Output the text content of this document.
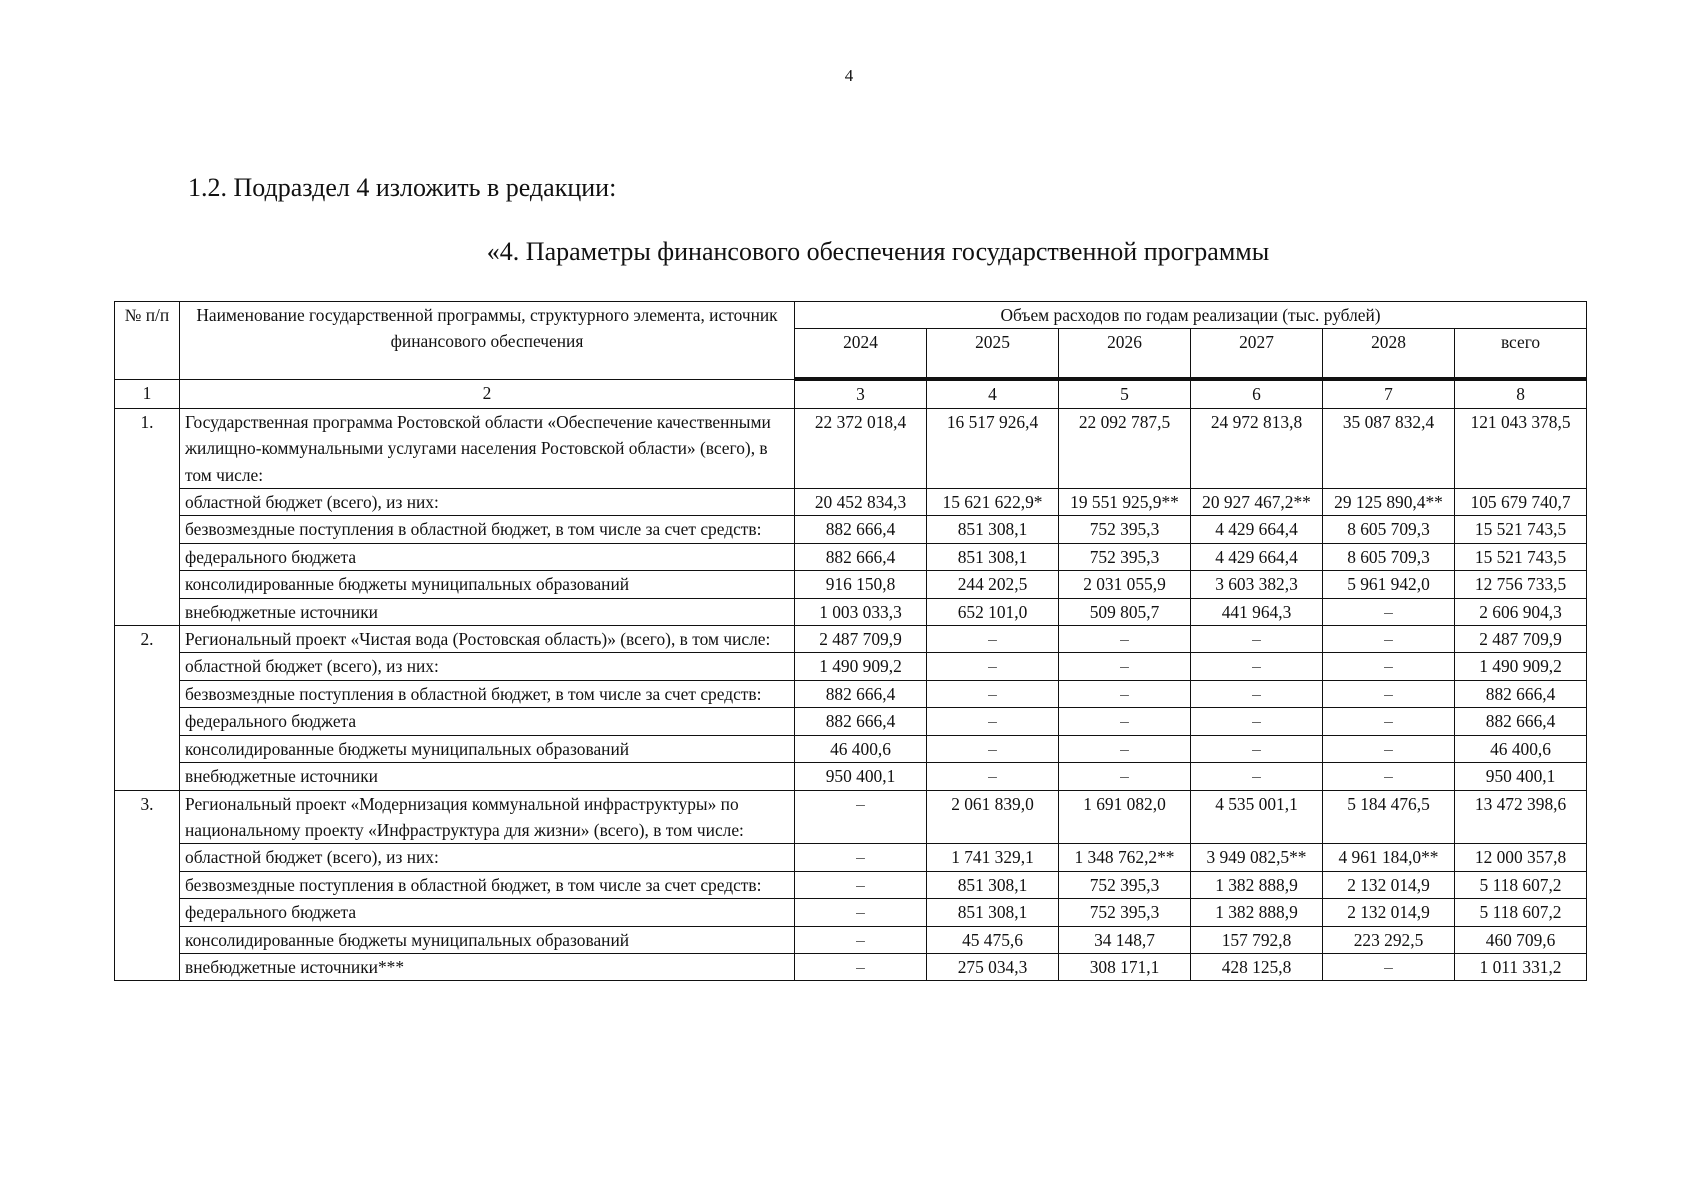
4
1.2. Подраздел 4 изложить в редакции:
«4. Параметры финансового обеспечения государственной программы
№ п/п	Наименование государственной программы, структурного элемента, источник финансового обеспечения	Объем расходов по годам реализации (тыс. рублей)					
		2024	2025	2026	2027	2028	всего
1	2	3	4	5	6	7	8
1.	Государственная программа Ростовской области «Обеспечение качественными жилищно-коммунальными услугами населения Ростовской области» (всего), в том числе:	22 372 018,4	16 517 926,4	22 092 787,5	24 972 813,8	35 087 832,4	121 043 378,5
	областной бюджет (всего), из них:	20 452 834,3	15 621 622,9*	19 551 925,9**	20 927 467,2**	29 125 890,4**	105 679 740,7
	безвозмездные поступления в областной бюджет, в том числе за счет средств:	882 666,4	851 308,1	752 395,3	4 429 664,4	8 605 709,3	15 521 743,5
	федерального бюджета	882 666,4	851 308,1	752 395,3	4 429 664,4	8 605 709,3	15 521 743,5
	консолидированные бюджеты муниципальных образований	916 150,8	244 202,5	2 031 055,9	3 603 382,3	5 961 942,0	12 756 733,5
	внебюджетные источники	1 003 033,3	652 101,0	509 805,7	441 964,3	–	2 606 904,3
2.	Региональный проект «Чистая вода (Ростовская область)» (всего), в том числе:	2 487 709,9	–	–	–	–	2 487 709,9
	областной бюджет (всего), из них:	1 490 909,2	–	–	–	–	1 490 909,2
	безвозмездные поступления в областной бюджет, в том числе за счет средств:	882 666,4	–	–	–	–	882 666,4
	федерального бюджета	882 666,4	–	–	–	–	882 666,4
	консолидированные бюджеты муниципальных образований	46 400,6	–	–	–	–	46 400,6
	внебюджетные источники	950 400,1	–	–	–	–	950 400,1
3.	Региональный проект «Модернизация коммунальной инфраструктуры» по национальному проекту «Инфраструктура для жизни» (всего), в том числе:	–	2 061 839,0	1 691 082,0	4 535 001,1	5 184 476,5	13 472 398,6
	областной бюджет (всего), из них:	–	1 741 329,1	1 348 762,2**	3 949 082,5**	4 961 184,0**	12 000 357,8
	безвозмездные поступления в областной бюджет, в том числе за счет средств:	–	851 308,1	752 395,3	1 382 888,9	2 132 014,9	5 118 607,2
	федерального бюджета	–	851 308,1	752 395,3	1 382 888,9	2 132 014,9	5 118 607,2
	консолидированные бюджеты муниципальных образований	–	45 475,6	34 148,7	157 792,8	223 292,5	460 709,6
	внебюджетные источники***	–	275 034,3	308 171,1	428 125,8	–	1 011 331,2
